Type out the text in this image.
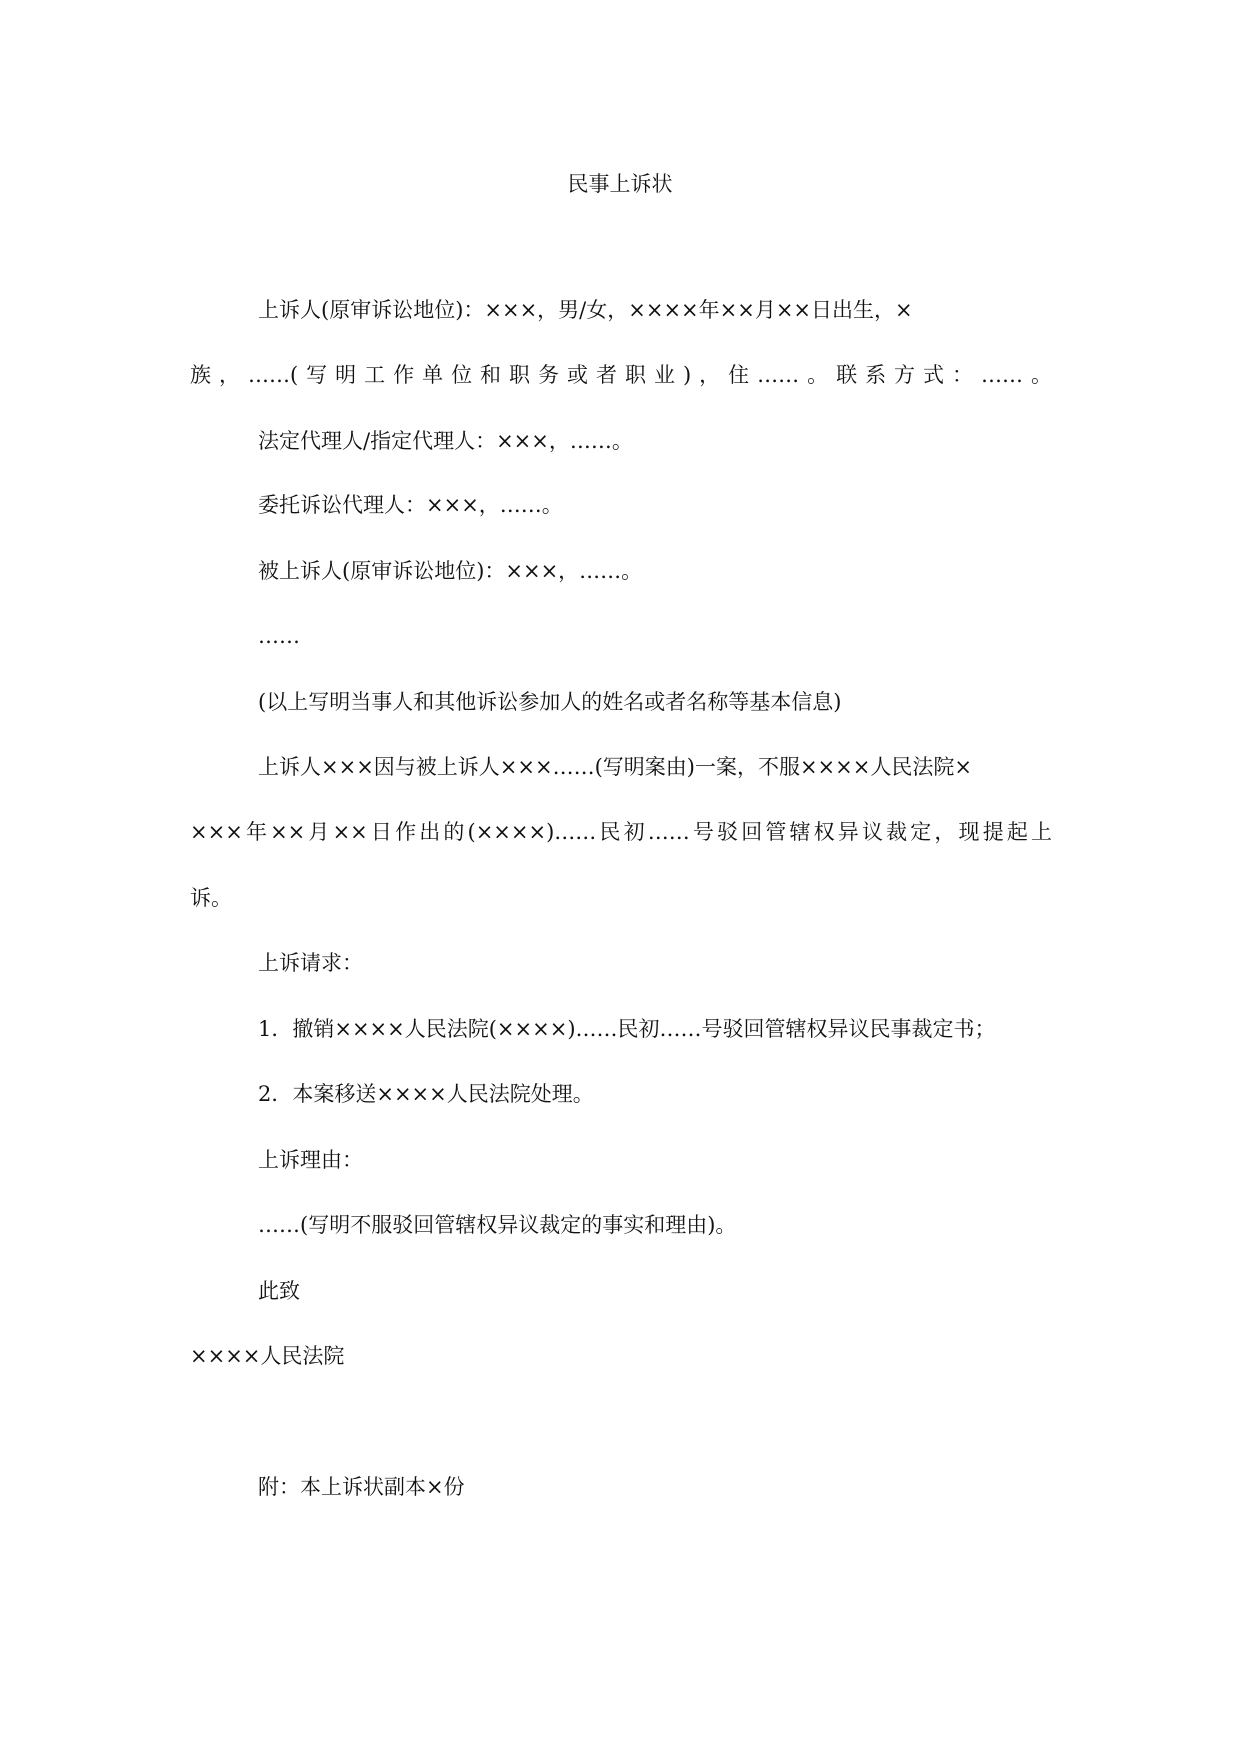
民事上诉状
上诉人(原审诉讼地位)：×××，男/女，××××年××月××日出生，×
族，……(写明工作单位和职务或者职业)，住……。联系方式：……。
法定代理人/指定代理人：×××，……。
委托诉讼代理人：×××，……。
被上诉人(原审诉讼地位)：×××，……。
……
(以上写明当事人和其他诉讼参加人的姓名或者名称等基本信息)
上诉人×××因与被上诉人×××……(写明案由)一案，不服××××人民法院×
×××年××月××日作出的(××××)……民初……号驳回管辖权异议裁定，现提起上
诉。
上诉请求：
1．撤销××××人民法院(××××)……民初……号驳回管辖权异议民事裁定书；
2．本案移送××××人民法院处理。
上诉理由：
……(写明不服驳回管辖权异议裁定的事实和理由)。
此致
××××人民法院
附：本上诉状副本×份
